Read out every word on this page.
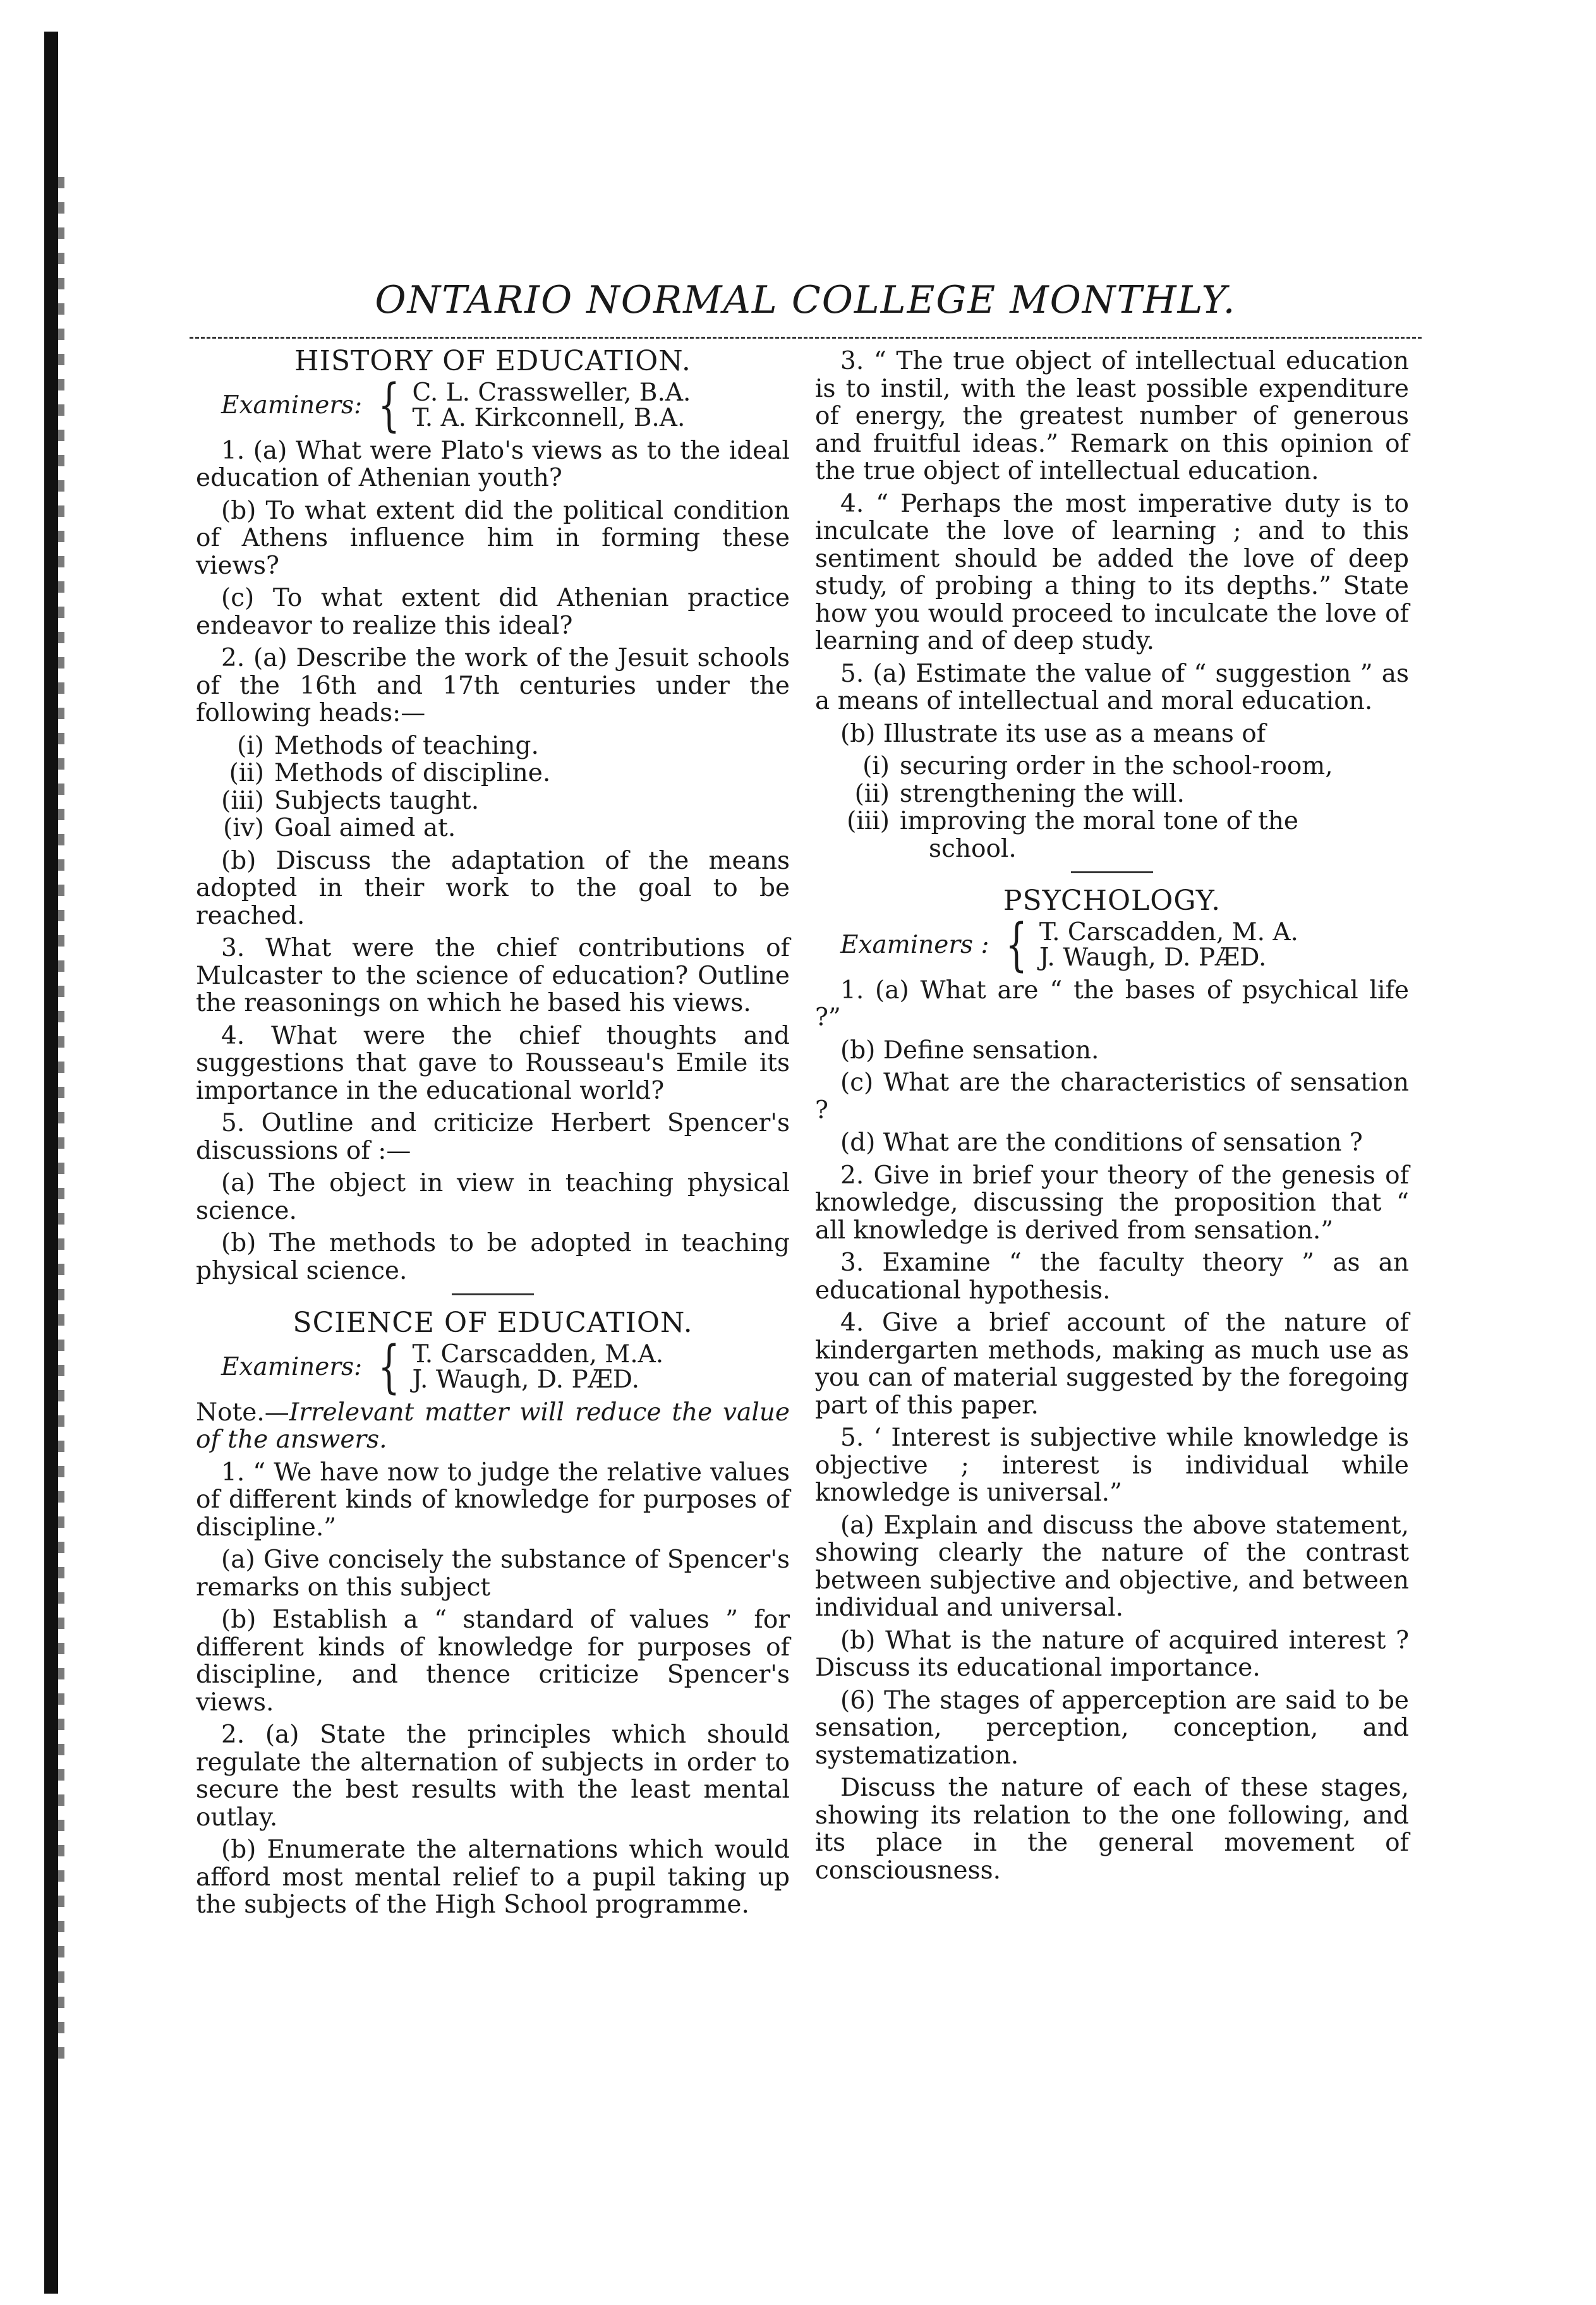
ONTARIO NORMAL COLLEGE MONTHLY.
HISTORY OF EDUCATION.
Examiners: { C. L. Crassweller, B.A.
T. A. Kirkconnell, B.A.

1. (a) What were Plato's views as to the ideal education of Athenian youth?

(b) To what extent did the political condition of Athens influence him in forming these views?

(c) To what extent did Athenian practice endeavor to realize this ideal?

2. (a) Describe the work of the Jesuit schools of the 16th and 17th centuries under the following heads:—

(i) Methods of teaching.
(ii) Methods of discipline.
(iii) Subjects taught.
(iv) Goal aimed at.

(b) Discuss the adaptation of the means adopted in their work to the goal to be reached.

3. What were the chief contributions of Mulcaster to the science of education? Outline the reasonings on which he based his views.

4. What were the chief thoughts and suggestions that gave to Rousseau's Emile its importance in the educational world?

5. Outline and criticize Herbert Spencer's discussions of :—

(a) The object in view in teaching physical science.

(b) The methods to be adopted in teaching physical science.

SCIENCE OF EDUCATION.
Examiners: { T. Carscadden, M.A.
J. Waugh, D. PÆD.
Note.—Irrelevant matter will reduce the value of the answers.

1. “ We have now to judge the relative values of different kinds of knowledge for purposes of discipline.”

(a) Give concisely the substance of Spencer's remarks on this subject

(b) Establish a “ standard of values ” for different kinds of knowledge for purposes of discipline, and thence criticize Spencer's views.

2. (a) State the principles which should regulate the alternation of subjects in order to secure the best results with the least mental outlay.

(b) Enumerate the alternations which would afford most mental relief to a pupil taking up the subjects of the High School programme.

3. “ The true object of intellectual education is to instil, with the least possible expenditure of energy, the greatest number of generous and fruitful ideas.” Remark on this opinion of the true object of intellectual education.

4. “ Perhaps the most imperative duty is to inculcate the love of learning ; and to this sentiment should be added the love of deep study, of probing a thing to its depths.” State how you would proceed to inculcate the love of learning and of deep study.

5. (a) Estimate the value of “ suggestion ” as a means of intellectual and moral education.

(b) Illustrate its use as a means of

(i) securing order in the school-room,
(ii) strengthening the will.
(iii) improving the moral tone of the
school.
PSYCHOLOGY.
Examiners : { T. Carscadden, M. A.
J. Waugh, D. PÆD.

1. (a) What are “ the bases of psychical life ?”

(b) Define sensation.

(c) What are the characteristics of sensation ?

(d) What are the conditions of sensation ?

2. Give in brief your theory of the genesis of knowledge, discussing the proposition that “ all knowledge is derived from sensation.”

3. Examine “ the faculty theory ” as an educational hypothesis.

4. Give a brief account of the nature of kindergarten methods, making as much use as you can of material suggested by the foregoing part of this paper.

5. ‘ Interest is subjective while knowledge is objective ; interest is individual while knowledge is universal.”

(a) Explain and discuss the above statement, showing clearly the nature of the contrast between subjective and objective, and between individual and universal.

(b) What is the nature of acquired interest ? Discuss its educational importance.

(6) The stages of apperception are said to be sensation, perception, conception, and systematization.

Discuss the nature of each of these stages, showing its relation to the one following, and its place in the general movement of consciousness.
